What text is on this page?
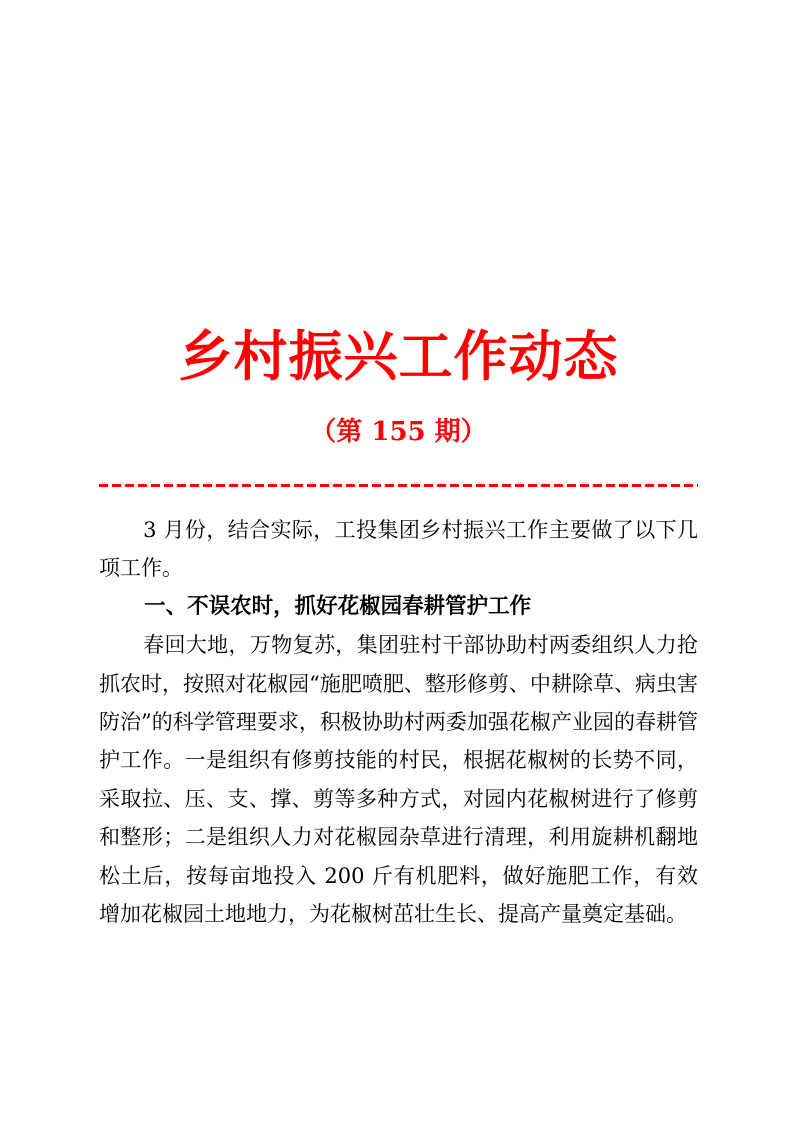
乡村振兴工作动态
（第 155 期）

3 月份，结合实际，工投集团乡村振兴工作主要做了以下几项工作。

一、不误农时，抓好花椒园春耕管护工作

春回大地，万物复苏，集团驻村干部协助村两委组织人力抢抓农时，按照对花椒园“施肥喷肥、整形修剪、中耕除草、病虫害防治”的科学管理要求，积极协助村两委加强花椒产业园的春耕管护工作。一是组织有修剪技能的村民，根据花椒树的长势不同，采取拉、压、支、撑、剪等多种方式，对园内花椒树进行了修剪和整形；二是组织人力对花椒园杂草进行清理，利用旋耕机翻地松土后，按每亩地投入 200 斤有机肥料，做好施肥工作，有效增加花椒园土地地力，为花椒树茁壮生长、提高产量奠定基础。
